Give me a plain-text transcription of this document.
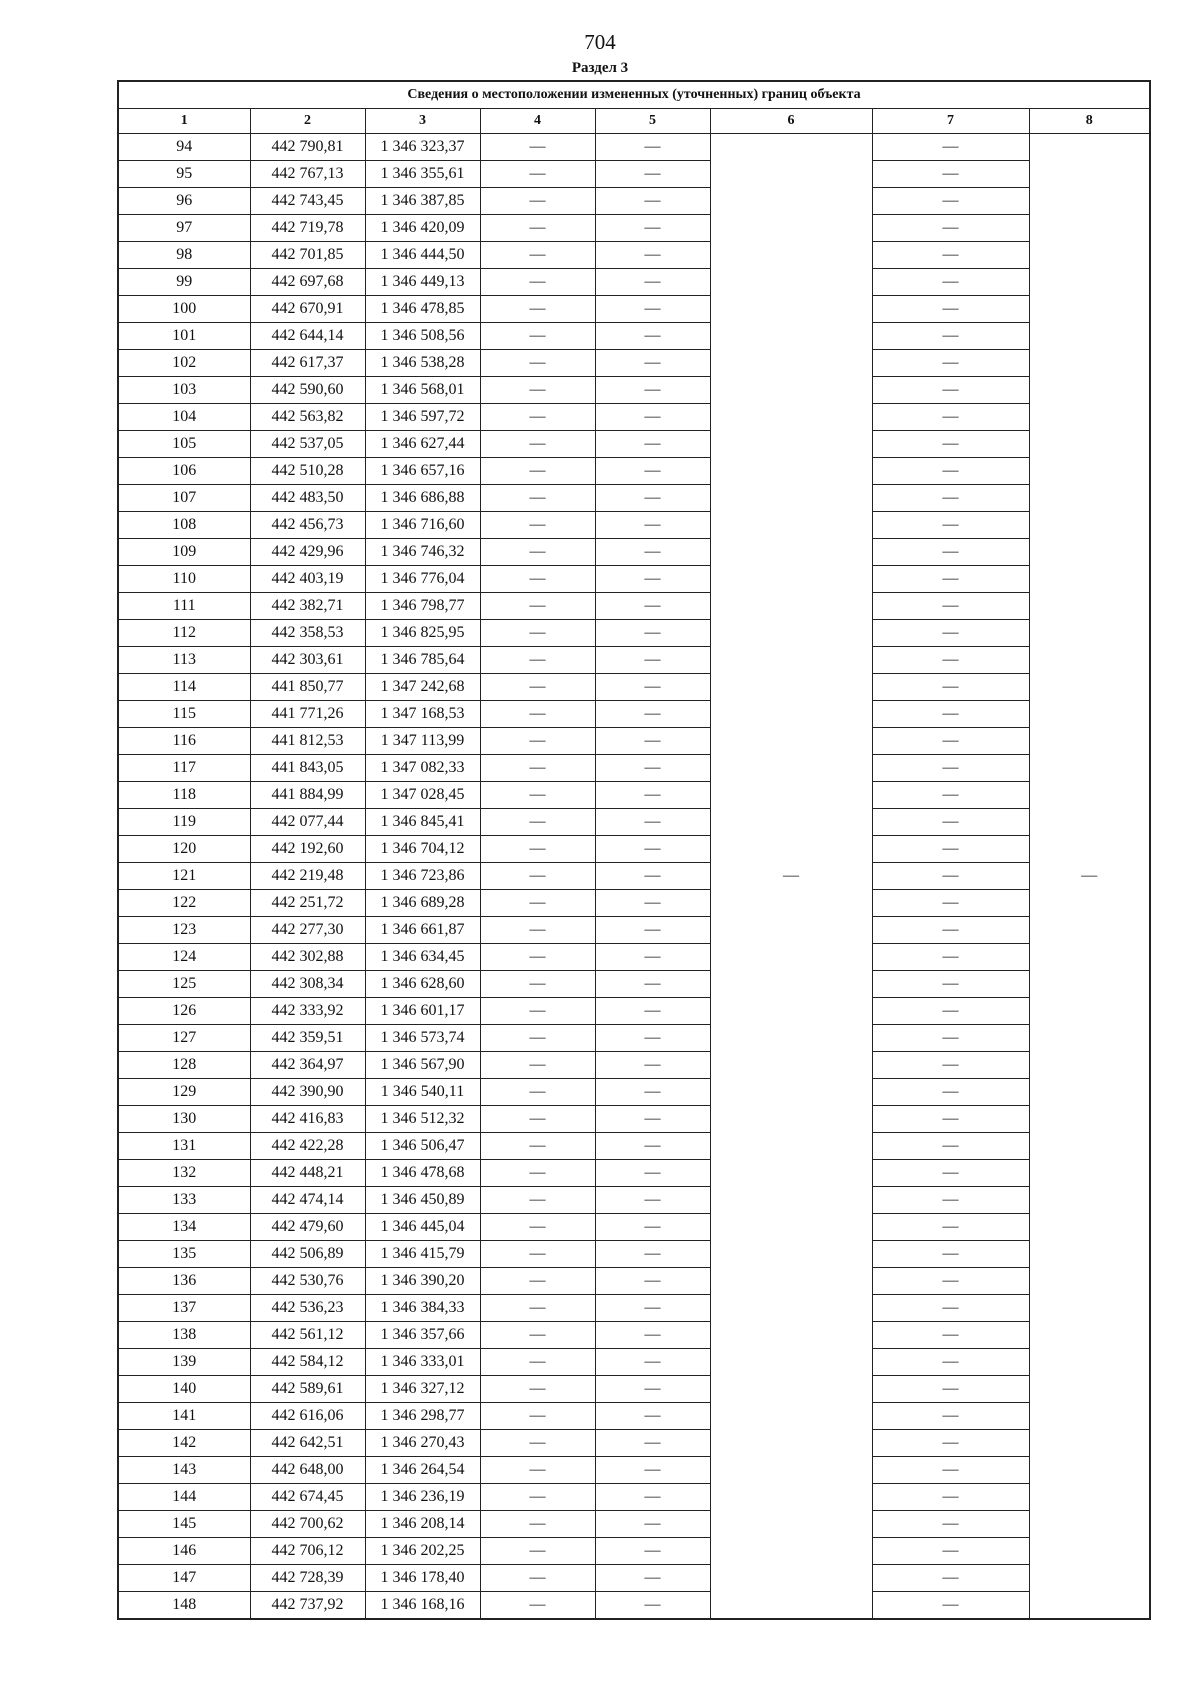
704
Раздел 3
Сведения о местоположении измененных (уточненных) границ объекта							
1	2	3	4	5	6	7	8
94	442 790,81	1 346 323,37	—	—	—	—	—

95	442 767,13	1 346 355,61	—	—		—	
96	442 743,45	1 346 387,85	—	—		—	
97	442 719,78	1 346 420,09	—	—		—	
98	442 701,85	1 346 444,50	—	—		—	
99	442 697,68	1 346 449,13	—	—		—	
100	442 670,91	1 346 478,85	—	—		—	
101	442 644,14	1 346 508,56	—	—		—	
102	442 617,37	1 346 538,28	—	—		—	
103	442 590,60	1 346 568,01	—	—		—	
104	442 563,82	1 346 597,72	—	—		—	
105	442 537,05	1 346 627,44	—	—		—	
106	442 510,28	1 346 657,16	—	—		—	
107	442 483,50	1 346 686,88	—	—		—	
108	442 456,73	1 346 716,60	—	—		—	
109	442 429,96	1 346 746,32	—	—		—	
110	442 403,19	1 346 776,04	—	—		—	
111	442 382,71	1 346 798,77	—	—		—	
112	442 358,53	1 346 825,95	—	—		—	
113	442 303,61	1 346 785,64	—	—		—	
114	441 850,77	1 347 242,68	—	—		—	
115	441 771,26	1 347 168,53	—	—		—	
116	441 812,53	1 347 113,99	—	—		—	
117	441 843,05	1 347 082,33	—	—		—	
118	441 884,99	1 347 028,45	—	—		—	
119	442 077,44	1 346 845,41	—	—		—	
120	442 192,60	1 346 704,12	—	—		—	
121	442 219,48	1 346 723,86	—	—		—	
122	442 251,72	1 346 689,28	—	—		—	
123	442 277,30	1 346 661,87	—	—		—	
124	442 302,88	1 346 634,45	—	—		—	
125	442 308,34	1 346 628,60	—	—		—	
126	442 333,92	1 346 601,17	—	—		—	
127	442 359,51	1 346 573,74	—	—		—	
128	442 364,97	1 346 567,90	—	—		—	
129	442 390,90	1 346 540,11	—	—		—	
130	442 416,83	1 346 512,32	—	—		—	
131	442 422,28	1 346 506,47	—	—		—	
132	442 448,21	1 346 478,68	—	—		—	
133	442 474,14	1 346 450,89	—	—		—	
134	442 479,60	1 346 445,04	—	—		—	
135	442 506,89	1 346 415,79	—	—		—	
136	442 530,76	1 346 390,20	—	—		—	
137	442 536,23	1 346 384,33	—	—		—	
138	442 561,12	1 346 357,66	—	—		—	
139	442 584,12	1 346 333,01	—	—		—	
140	442 589,61	1 346 327,12	—	—		—	
141	442 616,06	1 346 298,77	—	—		—	
142	442 642,51	1 346 270,43	—	—		—	
143	442 648,00	1 346 264,54	—	—		—	
144	442 674,45	1 346 236,19	—	—		—	
145	442 700,62	1 346 208,14	—	—		—	
146	442 706,12	1 346 202,25	—	—		—	
147	442 728,39	1 346 178,40	—	—		—	
148	442 737,92	1 346 168,16	—	—		—	
